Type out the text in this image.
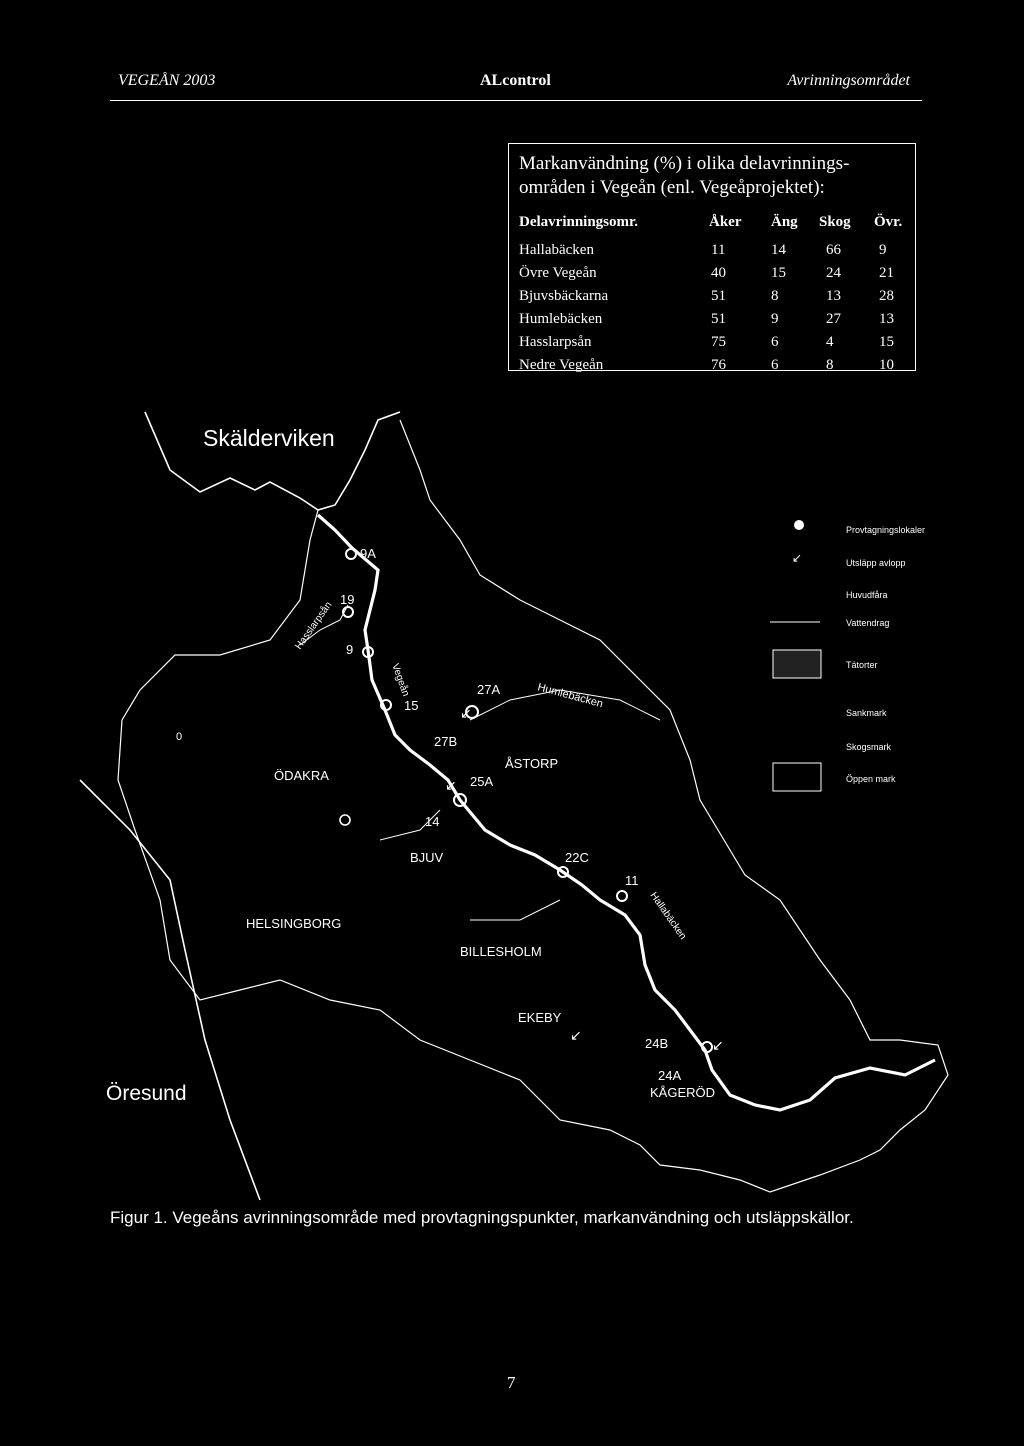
VEGEÅN 2003	ALcontrol	Avrinningsområdet
Markanvändning (%) i olika delavrinnings-
områden i Vegeån (enl. Vegeåprojektet):
Delavrinningsomr.	Åker Äng Skog Övr.
Hallabäcken	11	14	66	9
Övre Vegeån	40	15	24	21
Bjuvsbäckarna	51	8	13	28
Humlebäcken	51	9	27	13
Hasslarpsån	75	6	4	15
Nedre Vegeån	76	6	8	10
↙
↙
↙
↙
Skälderviken
Öresund
ÖDAKRA
ÅSTORP
BJUV
HELSINGBORG
BILLESHOLM
EKEBY
KÅGERÖD
Hasslarpsån
Vegeån	Humlebäcken
Hallabäcken
9A
19
9
15
27A
27B
25A
14
22C
11
24B
24A
0
Provtagningslokaler
↙	Utsläpp avlopp
Huvudfåra
Vattendrag
Tätorter
Sankmark
Skogsmark
Öppen mark
Figur 1. Vegeåns avrinningsområde med provtagningspunkter, markanvändning och utsläppskällor.
7
